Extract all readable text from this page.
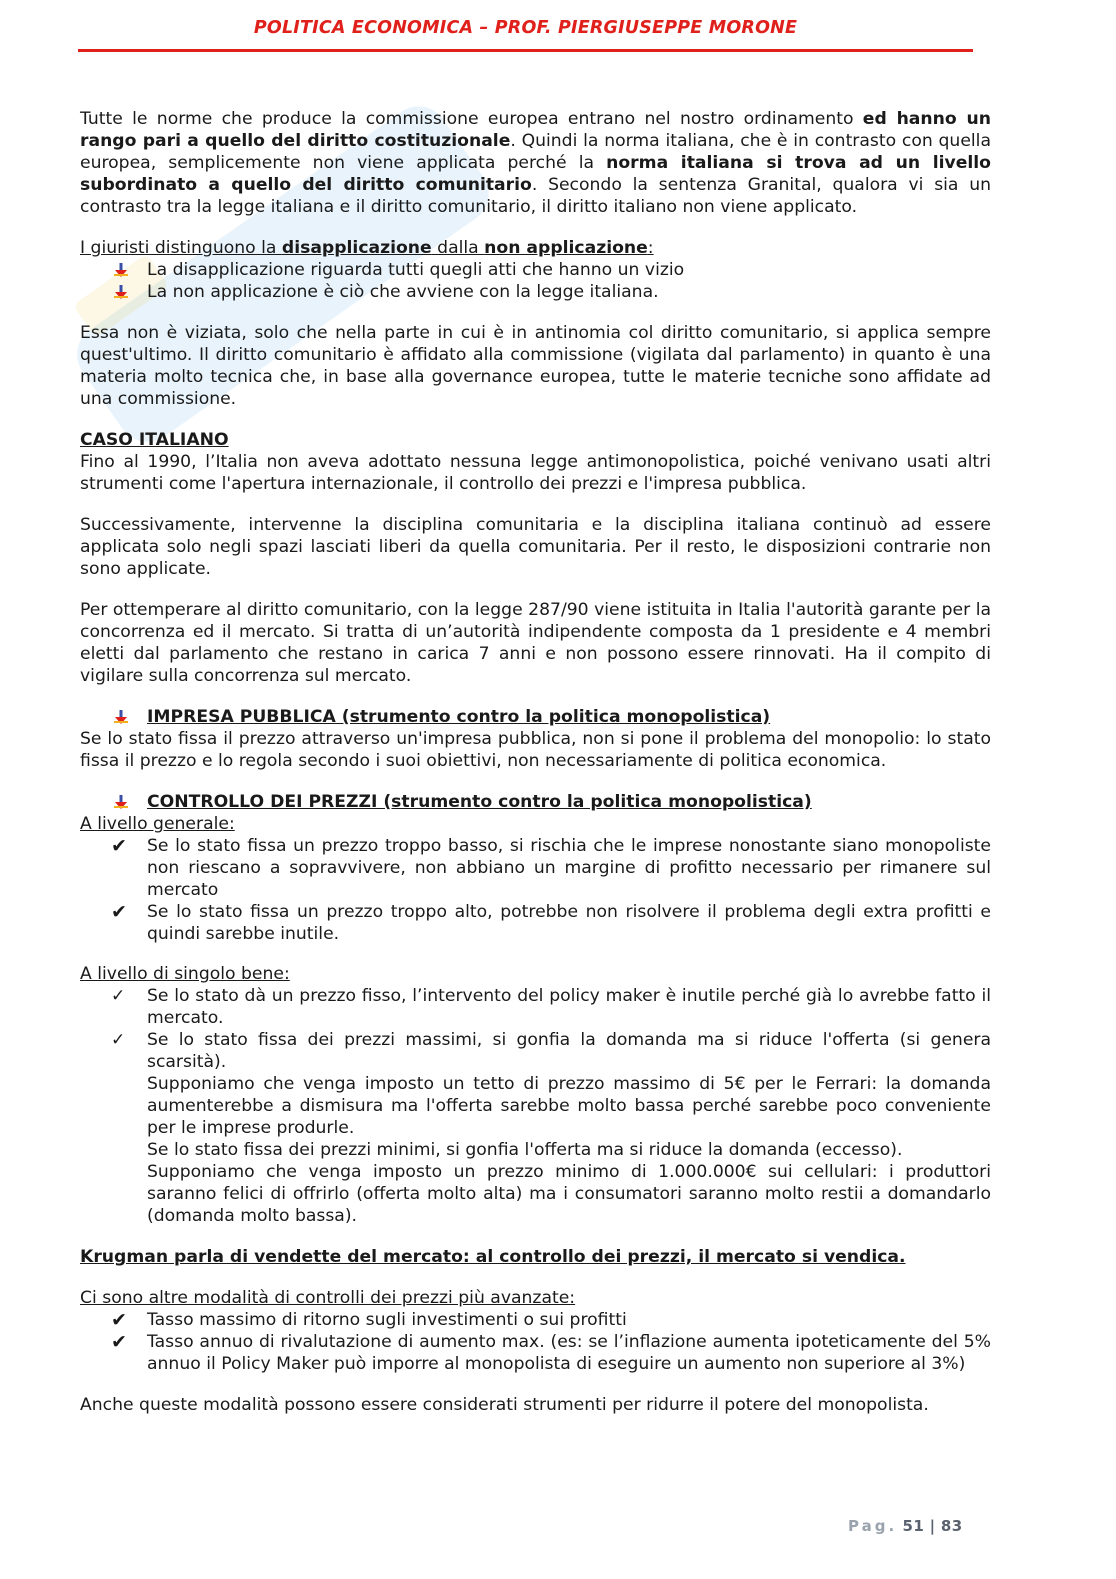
POLITICA ECONOMICA – PROF. PIERGIUSEPPE MORONE

Tutte le norme che produce la commissione europea entrano nel nostro ordinamento ed hanno un rango pari a quello del diritto costituzionale. Quindi la norma italiana, che è in contrasto con quella europea, semplicemente non viene applicata perché la norma italiana si trova ad un livello subordinato a quello del diritto comunitario. Secondo la sentenza Granital, qualora vi sia un contrasto tra la legge italiana e il diritto comunitario, il diritto italiano non viene applicato.

I giuristi distinguono la disapplicazione dalla non applicazione:

La disapplicazione riguarda tutti quegli atti che hanno un vizio
La non applicazione è ciò che avviene con la legge italiana.

Essa non è viziata, solo che nella parte in cui è in antinomia col diritto comunitario, si applica sempre quest'ultimo. Il diritto comunitario è affidato alla commissione (vigilata dal parlamento) in quanto è una materia molto tecnica che, in base alla governance europea, tutte le materie tecniche sono affidate ad una commissione.

CASO ITALIANO

Fino al 1990, l’Italia non aveva adottato nessuna legge antimonopolistica, poiché venivano usati altri strumenti come l'apertura internazionale, il controllo dei prezzi e l'impresa pubblica.

Successivamente, intervenne la disciplina comunitaria e la disciplina italiana continuò ad essere applicata solo negli spazi lasciati liberi da quella comunitaria. Per il resto, le disposizioni contrarie non sono applicate.

Per ottemperare al diritto comunitario, con la legge 287/90 viene istituita in Italia l'autorità garante per la concorrenza ed il mercato. Si tratta di un’autorità indipendente composta da 1 presidente e 4 membri eletti dal parlamento che restano in carica 7 anni e non possono essere rinnovati. Ha il compito di vigilare sulla concorrenza sul mercato.

IMPRESA PUBBLICA (strumento contro la politica monopolistica)

Se lo stato fissa il prezzo attraverso un'impresa pubblica, non si pone il problema del monopolio: lo stato fissa il prezzo e lo regola secondo i suoi obiettivi, non necessariamente di politica economica.

CONTROLLO DEI PREZZI (strumento contro la politica monopolistica)

A livello generale:

✔ Se lo stato fissa un prezzo troppo basso, si rischia che le imprese nonostante siano monopoliste non riescano a sopravvivere, non abbiano un margine di profitto necessario per rimanere sul mercato
✔ Se lo stato fissa un prezzo troppo alto, potrebbe non risolvere il problema degli extra profitti e quindi sarebbe inutile.

A livello di singolo bene:

✓ Se lo stato dà un prezzo fisso, l’intervento del policy maker è inutile perché già lo avrebbe fatto il mercato.
✓ Se lo stato fissa dei prezzi massimi, si gonfia la domanda ma si riduce l'offerta (si genera scarsità).

Supponiamo che venga imposto un tetto di prezzo massimo di 5€ per le Ferrari: la domanda aumenterebbe a dismisura ma l'offerta sarebbe molto bassa perché sarebbe poco conveniente per le imprese produrle.

Se lo stato fissa dei prezzi minimi, si gonfia l'offerta ma si riduce la domanda (eccesso).

Supponiamo che venga imposto un prezzo minimo di 1.000.000€ sui cellulari: i produttori saranno felici di offrirlo (offerta molto alta) ma i consumatori saranno molto restii a domandarlo (domanda molto bassa).

Krugman parla di vendette del mercato: al controllo dei prezzi, il mercato si vendica.

Ci sono altre modalità di controlli dei prezzi più avanzate:

✔ Tasso massimo di ritorno sugli investimenti o sui profitti
✔ Tasso annuo di rivalutazione di aumento max. (es: se l’inflazione aumenta ipoteticamente del 5% annuo il Policy Maker può imporre al monopolista di eseguire un aumento non superiore al 3%)

Anche queste modalità possono essere considerati strumenti per ridurre il potere del monopolista.

Pag. 51 | 83
